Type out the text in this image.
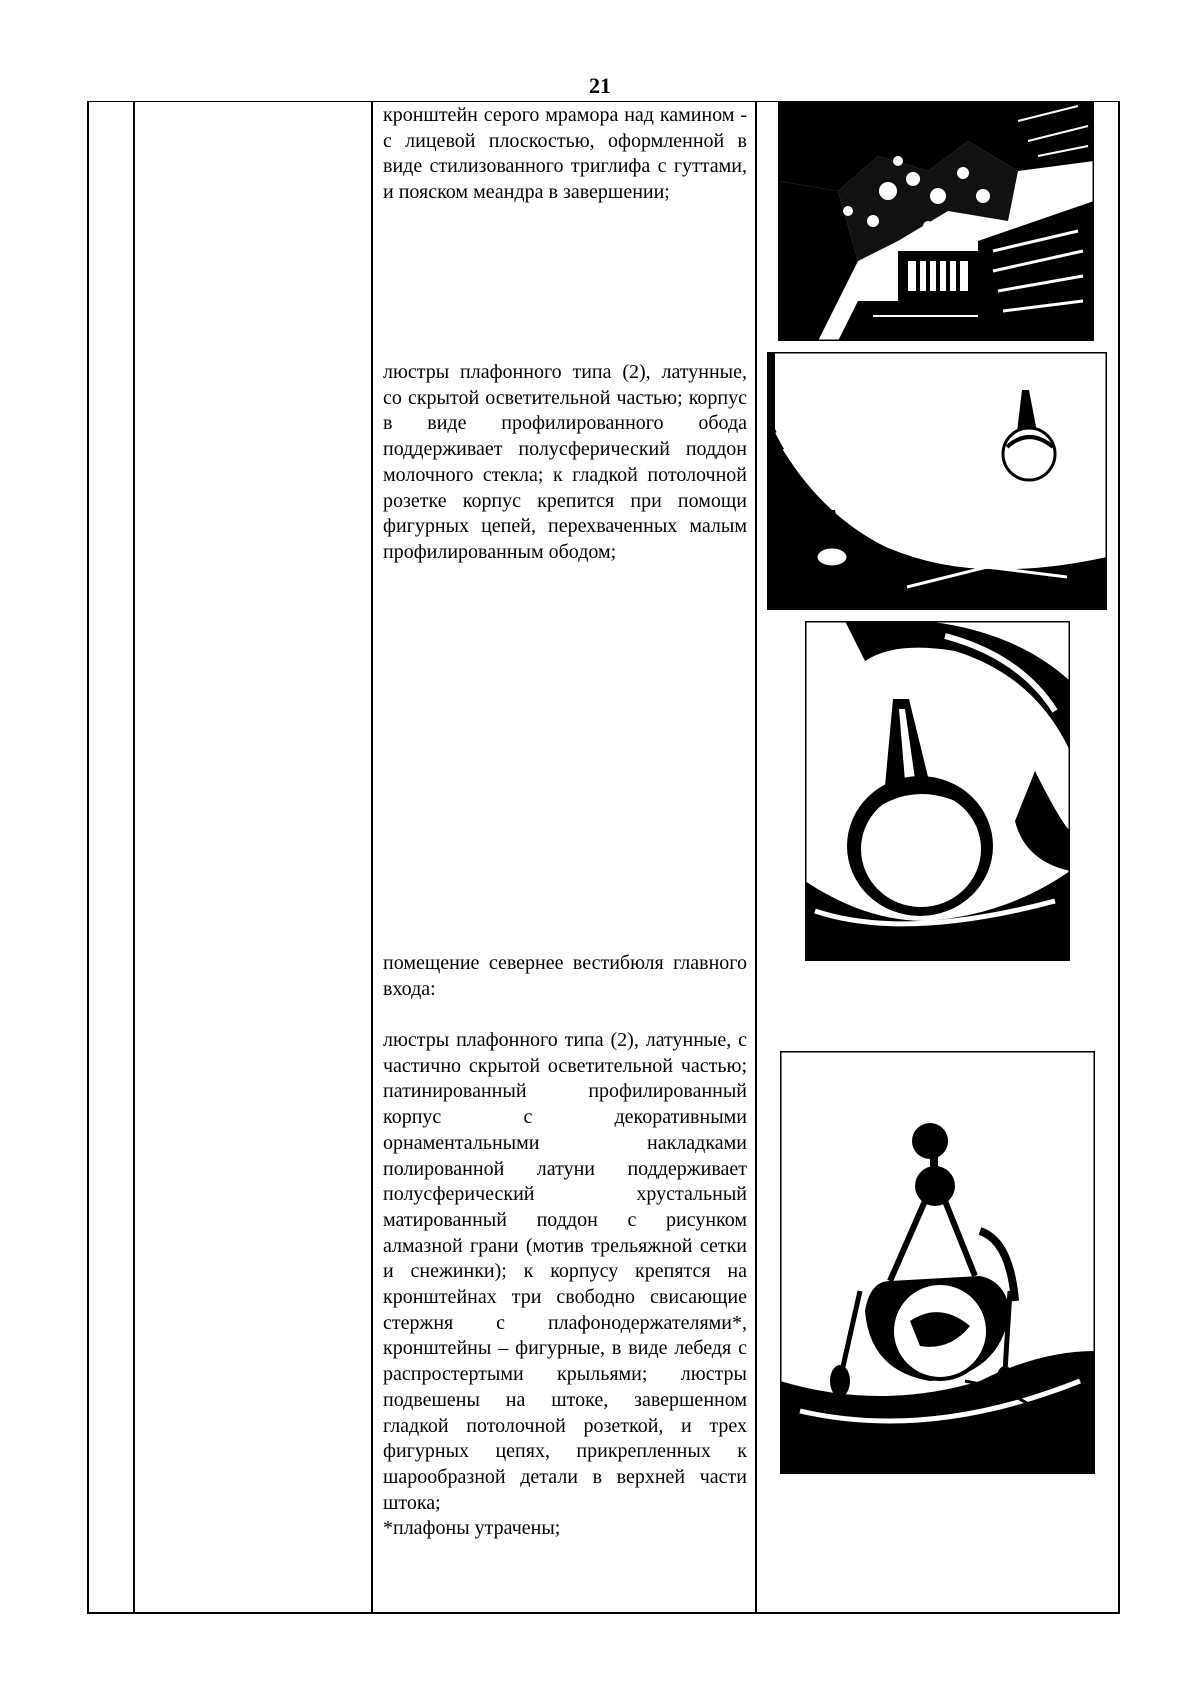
21

кронштейн серого мрамора над камином - с лицевой плоскостью, оформленной в виде стилизованного триглифа с гуттами, и пояском меандра в завершении;

люстры плафонного типа (2), латунные, со скрытой осветительной частью; корпус в виде профилированного обода поддерживает полусферический поддон молочного стекла; к гладкой потолочной розетке корпус крепится при помощи фигурных цепей, перехваченных малым профилированным ободом;

помещение севернее вестибюля главного входа:

люстры плафонного типа (2), латунные, с частично скрытой осветительной частью; патинированный профилированный корпус с декоративными орнаментальными накладками полированной латуни поддерживает полусферический хрустальный матированный поддон с рисунком алмазной грани (мотив трельяжной сетки и снежинки); к корпусу крепятся на кронштейнах три свободно свисающие стержня с плафонодержателями*, кронштейны – фигурные, в виде лебедя с распростертыми крыльями; люстры подвешены на штоке, завершенном гладкой потолочной розеткой, и трех фигурных цепях, прикрепленных к шарообразной детали в верхней части штока;

*плафоны утрачены;
